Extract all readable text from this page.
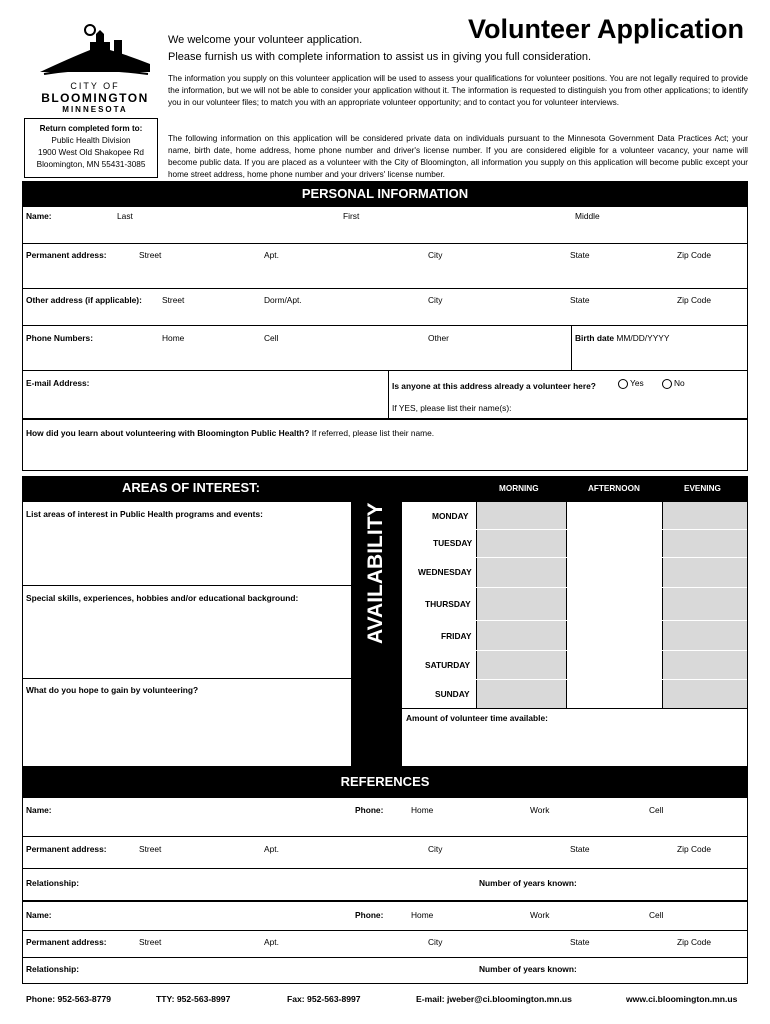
CITY OF
BLOOMINGTON
MINNESOTA
Volunteer Application
We welcome your volunteer application.
Please furnish us with complete information to assist us in giving you full consideration.
The information you supply on this volunteer application will be used to assess your qualifications for volunteer positions. You are not legally required to provide the information, but we will not be able to consider your application without it. The information is requested to distinguish you from other applications; to identify you in our volunteer files; to match you with an appropriate volunteer opportunity; and to contact you for volunteer interviews.
The following information on this application will be considered private data on individuals pursuant to the Minnesota Government Data Practices Act; your name, birth date, home address, home phone number and driver's license number. If you are considered eligible for a volunteer vacancy, your name will become public data. If you are placed as a volunteer with the City of Bloomington, all information you supply on this application will become public except your home street address, home phone number and your drivers' license number.
Return completed form to:
Public Health Division
1900 West Old Shakopee Rd
Bloomington, MN 55431-3085
PERSONAL INFORMATION
Name:	Last	First	Middle
Permanent address:	Street	Apt.	City	State	Zip Code
Other address (if applicable): Street	Dorm/Apt.	City	State	Zip Code
Phone Numbers:	Home	Cell	Other	Birth date MM/DD/YYYY
E-mail Address:	Is anyone at this address already a volunteer here?	Yes	No
If YES, please list their name(s):
How did you learn about volunteering with Bloomington Public Health? If referred, please list their name.
AREAS OF INTEREST:	MORNING	AFTERNOON	EVENING
List areas of interest in Public Health programs and events:
Special skills, experiences, hobbies and/or educational background:
What do you hope to gain by volunteering?
AVAILABILITY	MONDAY
TUESDAY
WEDNESDAY
THURSDAY
FRIDAY
SATURDAY
SUNDAY
Amount of volunteer time available:
REFERENCES
Name:	Phone:	Home	Work	Cell
Permanent address:	Street	Apt.	City	State	Zip Code
Relationship:	Number of years known:
Name:	Phone:	Home	Work	Cell
Permanent address:	Street	Apt.	City	State	Zip Code
Relationship:	Number of years known:
Phone: 952-563-8779	TTY: 952-563-8997	Fax: 952-563-8997	E-mail: jweber@ci.bloomington.mn.us	www.ci.bloomington.mn.us
